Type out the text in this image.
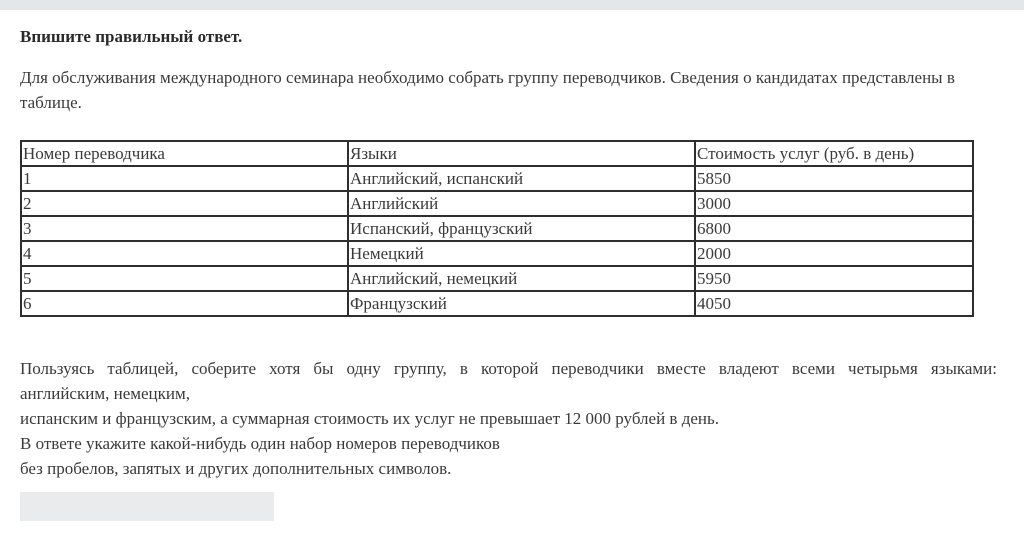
Впишите правильный ответ.

Для обслуживания международного семинара необходимо собрать группу переводчиков. Сведения о кандидатах представлены в таблице.

Номер переводчика	Языки	Стоимость услуг (руб. в день)
1	Английский, испанский	5850
2	Английский	3000
3	Испанский, французский	6800
4	Немецкий	2000
5	Английский, немецкий	5950
6	Французский	4050
Пользуясь таблицей, соберите хотя бы одну группу, в которой переводчики вместе владеют всеми четырьмя языками:
английским, немецким,
испанским и французским, а суммарная стоимость их услуг не превышает 12 000 рублей в день.
В ответе укажите какой-нибудь один набор номеров переводчиков
без пробелов, запятых и других дополнительных символов.
